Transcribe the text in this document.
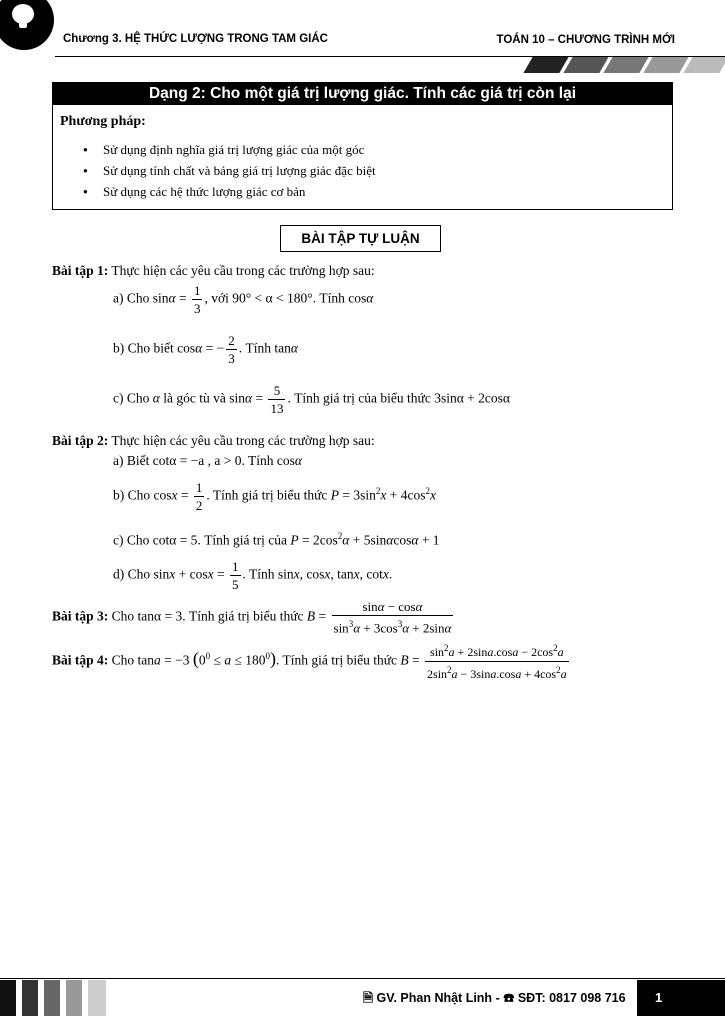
Chương 3. HỆ THỨC LƯỢNG TRONG TAM GIÁC	TOÁN 10 – CHƯƠNG TRÌNH MỚI
Dạng 2: Cho một giá trị lượng giác. Tính các giá trị còn lại
Phương pháp:
● Sử dụng định nghĩa giá trị lượng giác của một góc
● Sử dụng tính chất và bảng giá trị lượng giác đặc biệt
● Sử dụng các hệ thức lượng giác cơ bản
BÀI TẬP TỰ LUẬN
Bài tập 1: Thực hiện các yêu cầu trong các trường hợp sau:
a) Cho $\sin\alpha = \frac{1}{3}$ , với 90° < α < 180°. Tính cosα
b) Cho biết cosα = − $\frac{2}{3}$ . Tính tanα
c) Cho α là góc tù và $\sin\alpha = \frac{5}{13}$ . Tính giá trị của biểu thức 3sinα + 2cosα
Bài tập 2: Thực hiện các yêu cầu trong các trường hợp sau:
a) Biết cotα = −a , a > 0. Tính cosα
b) Cho $\cos x = \frac{1}{2}$ . Tính giá trị biểu thức $P = 3\sin^2x + 4\cos^2x$
c) Cho cotα = 5. Tính giá trị của $P = 2\cos^2\alpha + 5\sin\alpha\cos\alpha + 1$
d) Cho $\sin x + \cos x = \frac{1}{5}$ . Tính sinx, cosx, tanx, cotx.
Bài tập 3: Cho tanα = 3. Tính giá trị biểu thức $B = \frac{\sin\alpha - \cos\alpha}{\sin^3\alpha + 3\cos^3\alpha + 2\sin\alpha}$
Bài tập 4: Cho tana = −3 $(0^0 \le a \le 180^0)$. Tính giá trị biểu thức $B = \frac{\sin^2a + 2\sin a.\cos a - 2\cos^2a}{2\sin^2a - 3\sin a.\cos a + 4\cos^2a}$
🗎 GV. Phan Nhật Linh - ☎ SĐT: 0817 098 716	1
